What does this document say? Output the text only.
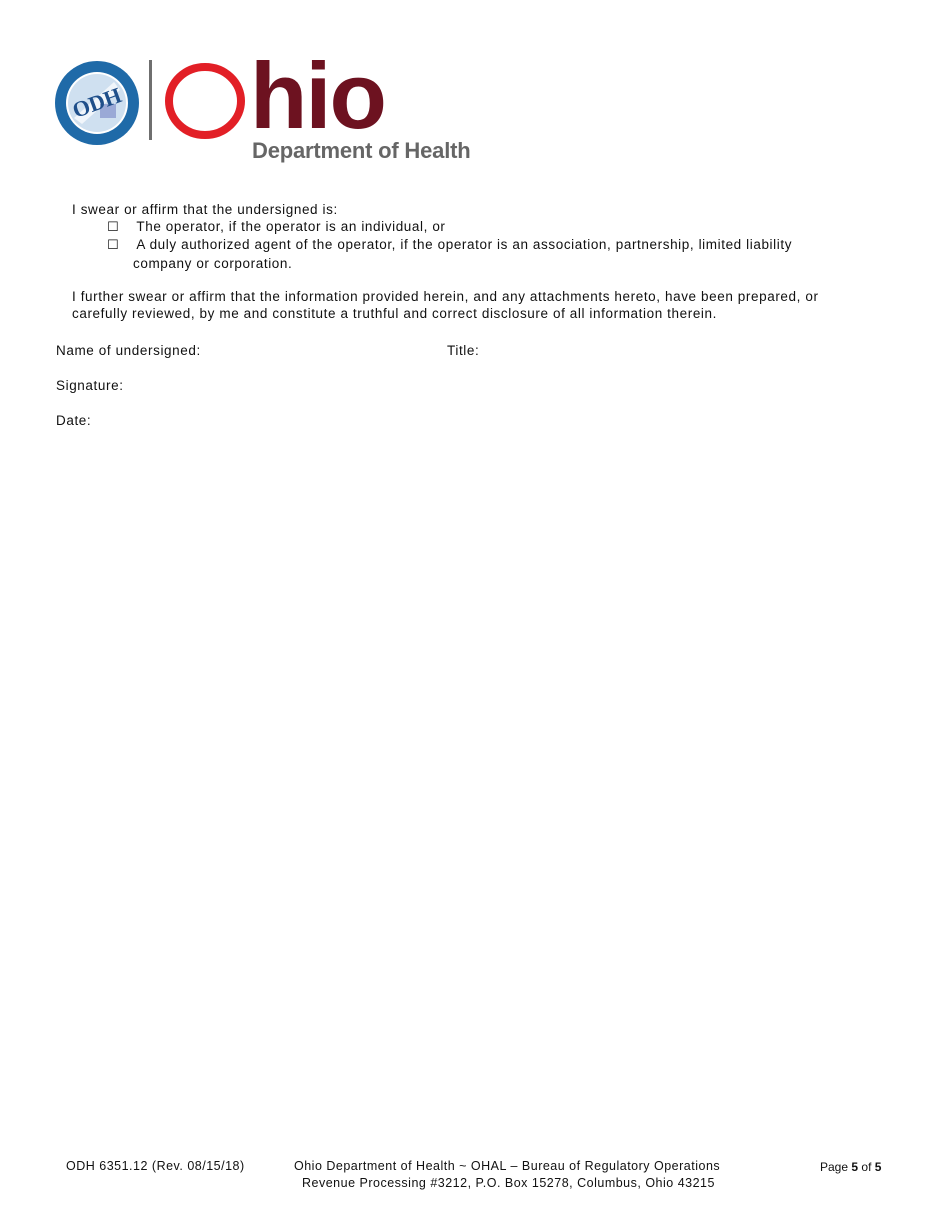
ODH hio
Department of Health
I swear or affirm that the undersigned is:
☐ The operator, if the operator is an individual, or
☐ A duly authorized agent of the operator, if the operator is an association, partnership, limited liability
company or corporation.
I further swear or affirm that the information provided herein, and any attachments hereto, have been prepared, or
carefully reviewed, by me and constitute a truthful and correct disclosure of all information therein.
Name of undersigned:	Title:
Signature:
Date:
ODH 6351.12 (Rev. 08/15/18)	Ohio Department of Health ~ OHAL – Bureau of Regulatory Operations
Revenue Processing #3212, P.O. Box 15278, Columbus, Ohio 43215
Page 5 of 5
